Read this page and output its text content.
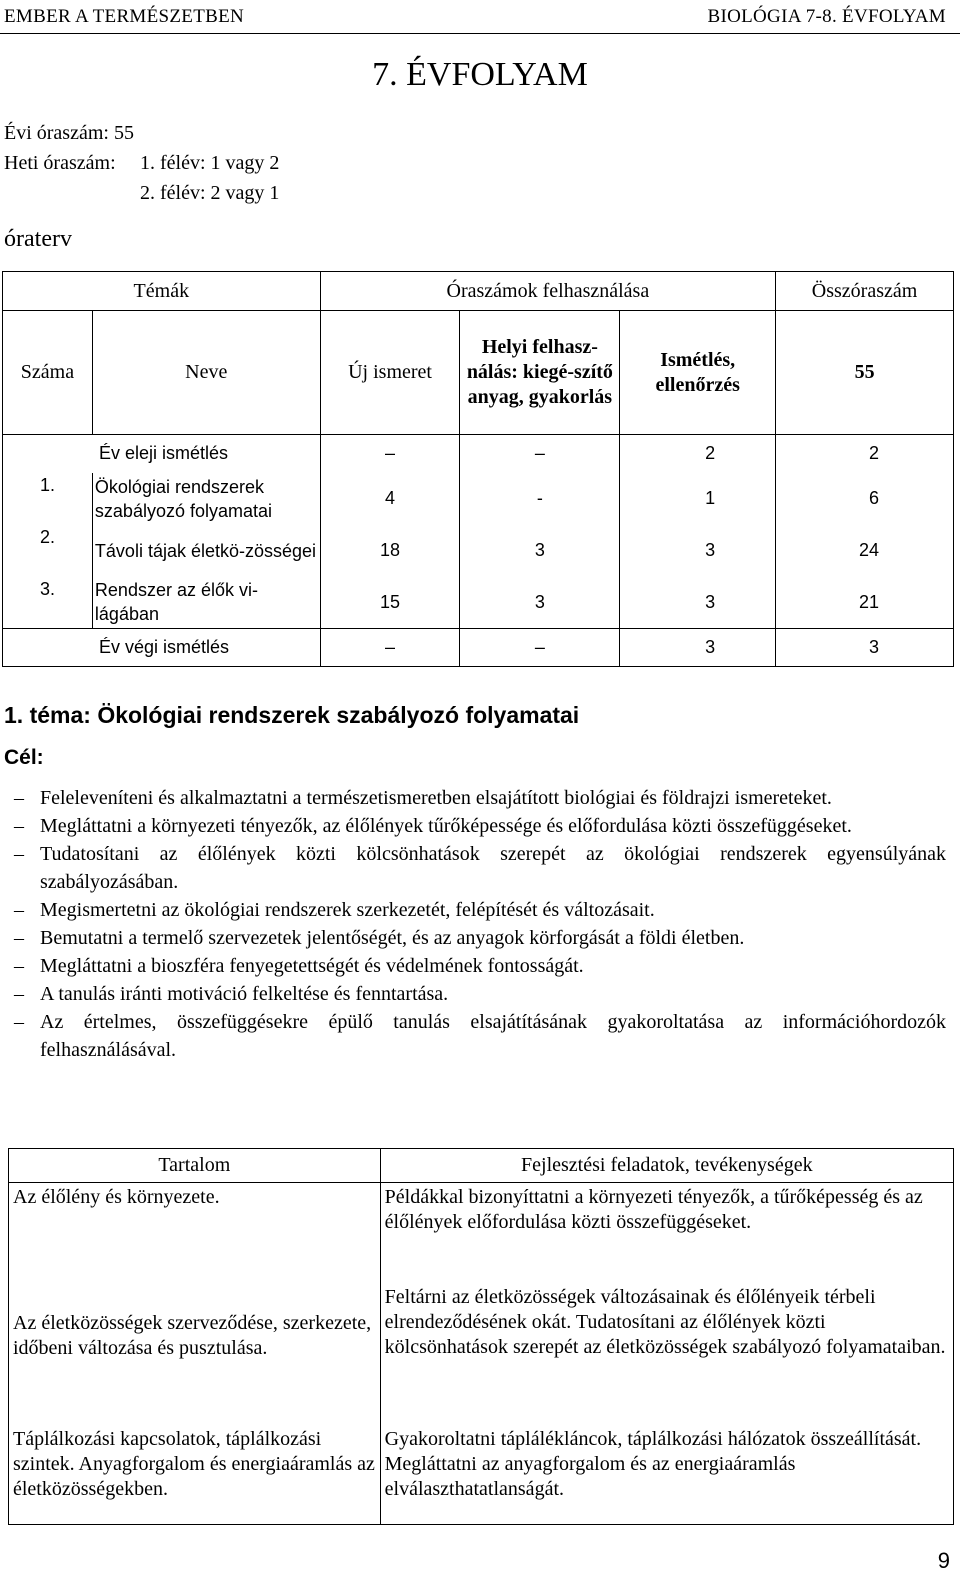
EMBER A TERMÉSZETBEN	BIOLÓGIA 7-8. ÉVFOLYAM
7. ÉVFOLYAM
Évi óraszám: 55
Heti óraszám: 1. félév: 1 vagy 2
2. félév: 2 vagy 1
óraterv
Témák		Óraszámok felhasználása			Összóraszám
Száma	Neve	Új ismeret	Helyi felhasz-nálás: kiegé-szítő anyag, gyakorlás	Ismétlés, ellenőrzés	55
Év eleji ismétlés		–	–	2	2
1.	Ökológiai rendszerek szabályozó folyamatai	4	-	1	6
2.	Távoli tájak életkö-zösségei	18	3	3	24
3.	Rendszer az élők vi-lágában	15	3	3	21
Év végi ismétlés		–	–	3	3
1. téma: Ökológiai rendszerek szabályozó folyamatai
Cél:
– Feleleveníteni és alkalmaztatni a természetismeretben elsajátított biológiai és földrajzi ismereteket.
– Megláttatni a környezeti tényezők, az élőlények tűrőképessége és előfordulása közti összefüggéseket.
– Tudatosítani az élőlények közti kölcsönhatások szerepét az ökológiai rendszerek egyensúlyának szabályozásában.
– Megismertetni az ökológiai rendszerek szerkezetét, felépítését és változásait.
– Bemutatni a termelő szervezetek jelentőségét, és az anyagok körforgását a földi életben.
– Megláttatni a bioszféra fenyegetettségét és védelmének fontosságát.
– A tanulás iránti motiváció felkeltése és fenntartása.
– Az értelmes, összefüggésekre épülő tanulás elsajátításának gyakoroltatása az információhordozók felhasználásával.
Tartalom	Fejlesztési feladatok, tevékenységek
Az élőlény és környezete.	Példákkal bizonyíttatni a környezeti tényezők, a tűrőképesség és az élőlények előfordulása közti összefüggéseket.
Az életközösségek szerveződése, szerkezete, időbeni változása és pusztulása.	Feltárni az életközösségek változásainak és élőlényeik térbeli elrendeződésének okát. Tudatosítani az élőlények közti kölcsönhatások szerepét az életközösségek szabályozó folyamataiban.
Táplálkozási kapcsolatok, táplálkozási szintek. Anyagforgalom és energiaáramlás az életközösségekben.	Gyakoroltatni táplálékláncok, táplálkozási hálózatok összeállítását. Megláttatni az anyagforgalom és az energiaáramlás elválaszthatatlanságát.
9
